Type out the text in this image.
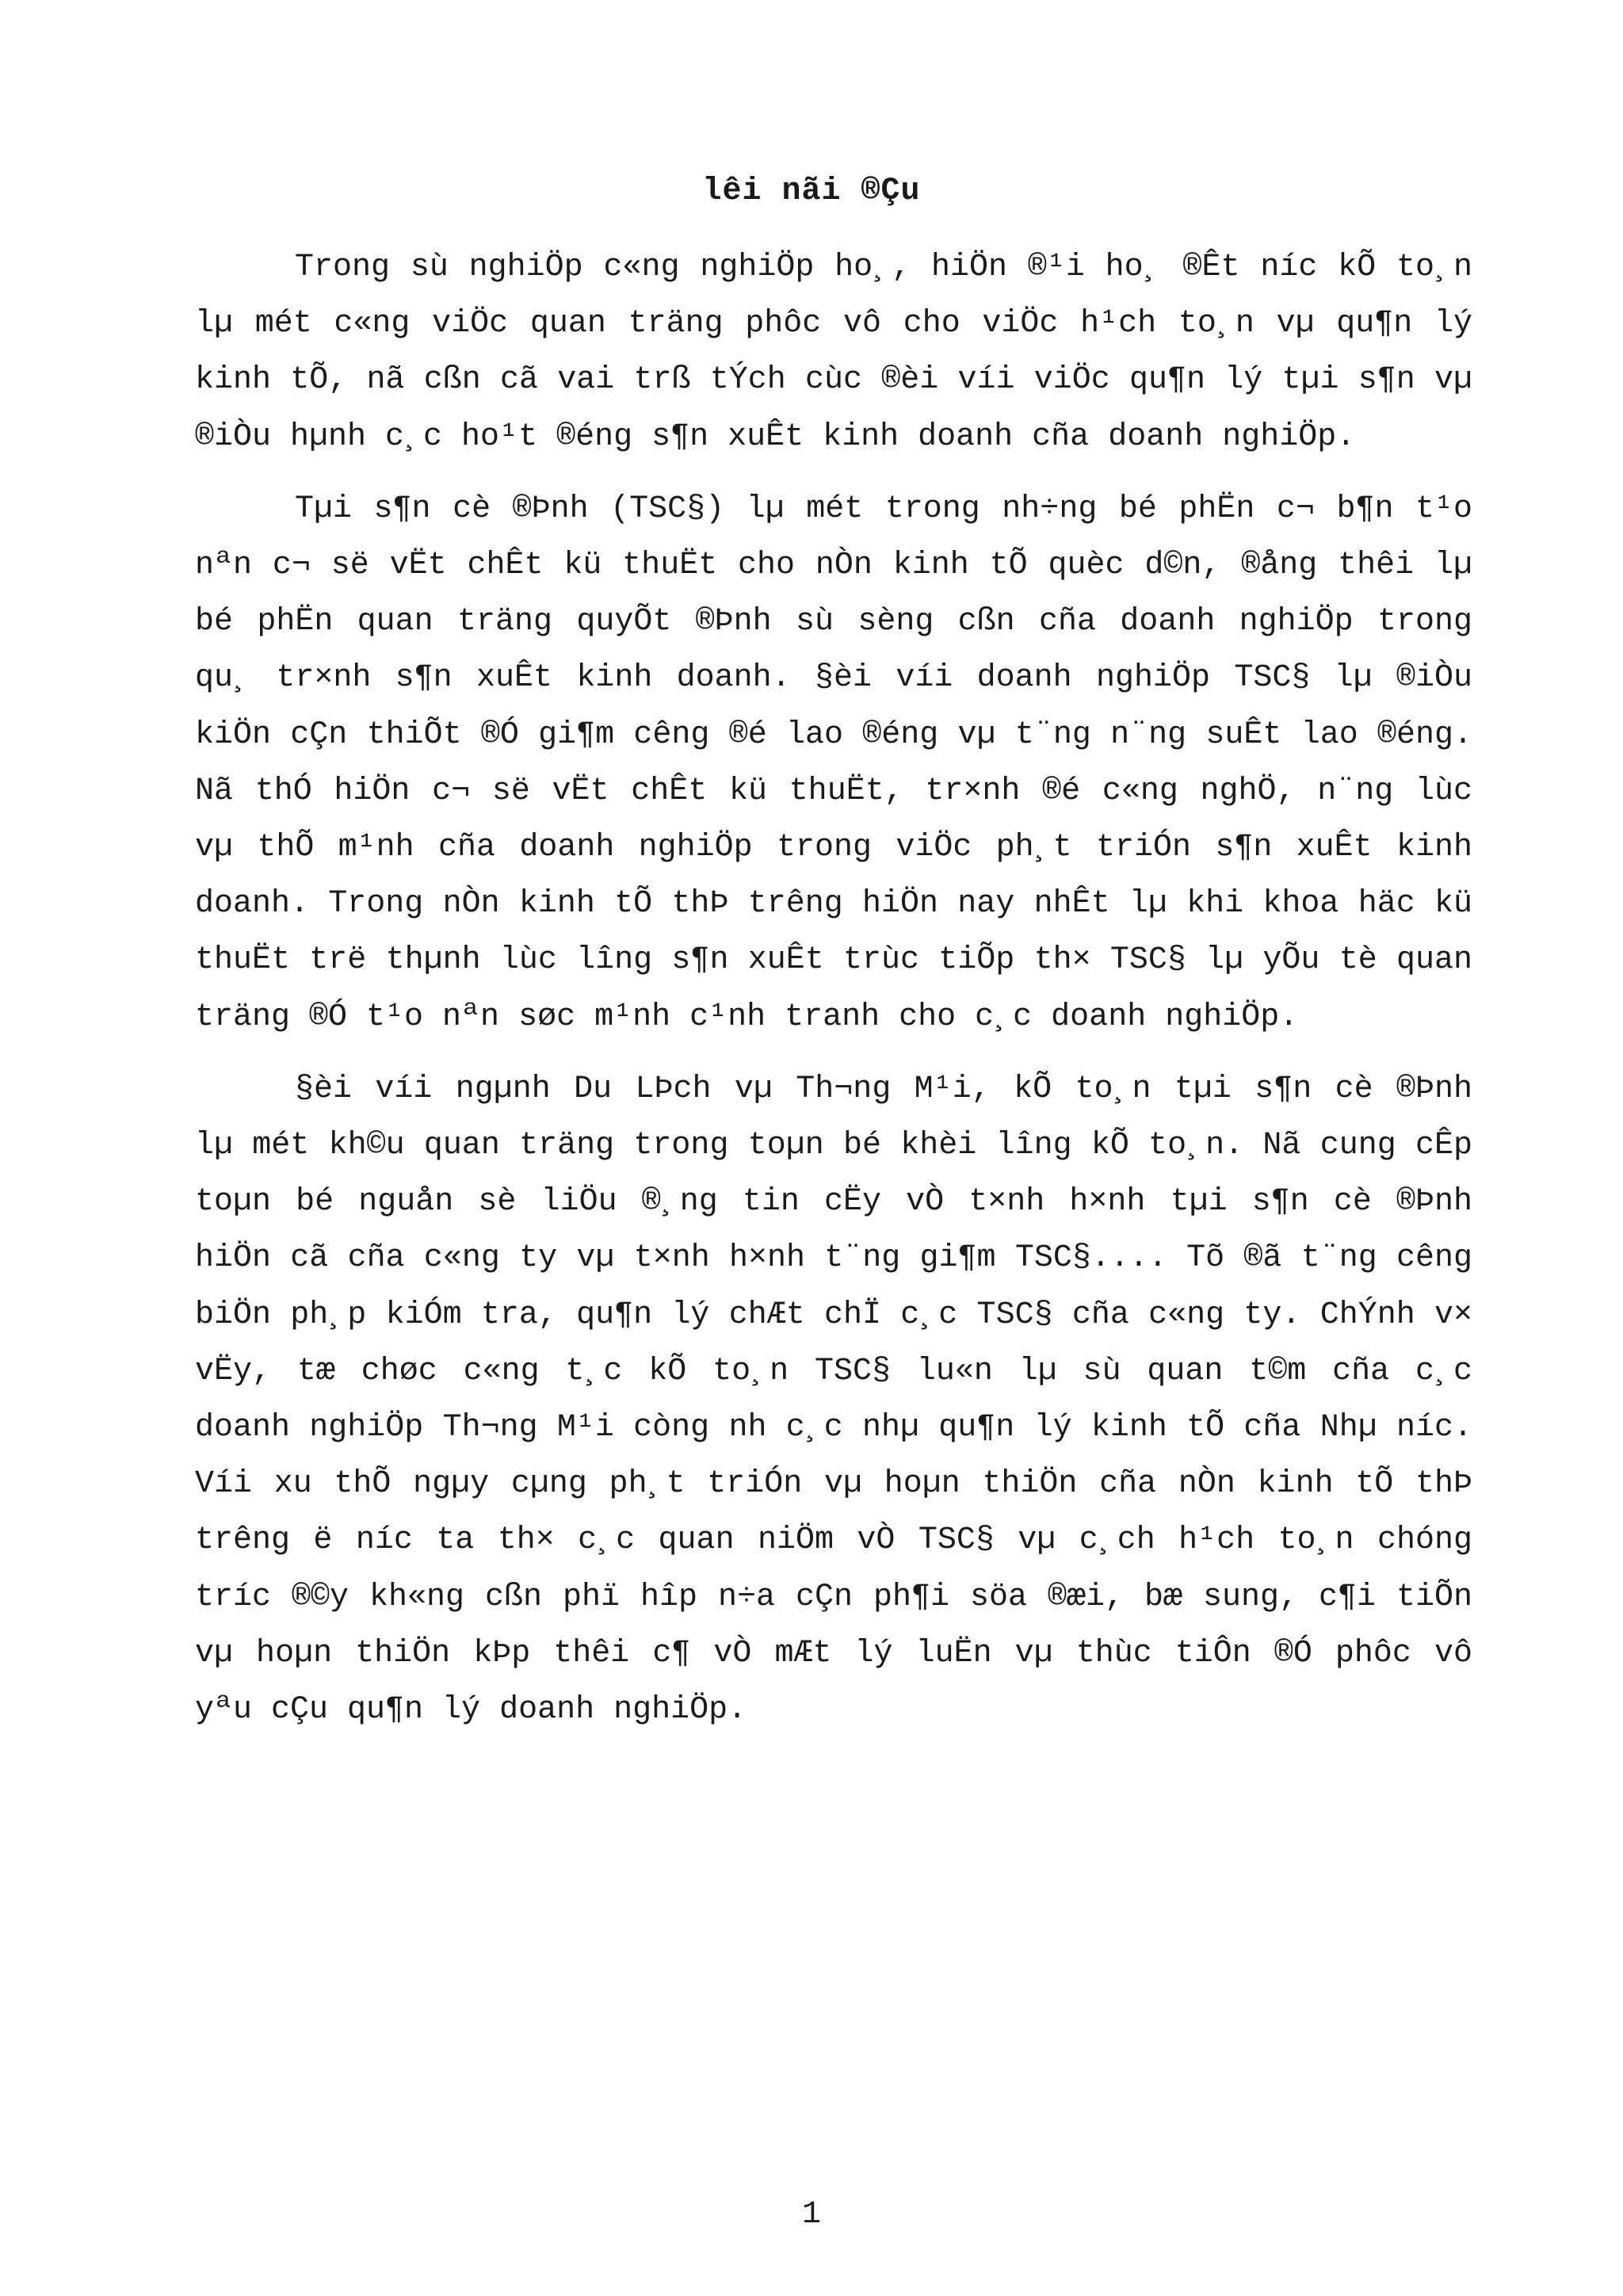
lêi nãi ®Çu

Trong sù nghiÖp c«ng nghiÖp ho¸, hiÖn ®¹i ho¸ ®Êt níc kÕ to¸n lµ mét c«ng viÖc quan träng phôc vô cho viÖc h¹ch to¸n vµ qu¶n lý kinh tÕ, nã cßn cã vai trß tÝch cùc ®èi víi viÖc qu¶n lý tµi s¶n vµ ®iÒu hµnh c¸c ho¹t ®éng s¶n xuÊt kinh doanh cña doanh nghiÖp.

Tµi s¶n cè ®Þnh (TSC§) lµ mét trong nh÷ng bé phËn c¬ b¶n t¹o nªn c¬ së vËt chÊt kü thuËt cho nÒn kinh tÕ quèc d©n, ®ång thêi lµ bé phËn quan träng quyÕt ®Þnh sù sèng cßn cña doanh nghiÖp trong qu¸ tr×nh s¶n xuÊt kinh doanh. §èi víi doanh nghiÖp TSC§ lµ ®iÒu kiÖn cÇn thiÕt ®Ó gi¶m cêng ®é lao ®éng vµ t¨ng n¨ng suÊt lao ®éng. Nã thÓ hiÖn c¬ së vËt chÊt kü thuËt, tr×nh ®é c«ng nghÖ, n¨ng lùc vµ thÕ m¹nh cña doanh nghiÖp trong viÖc ph¸t triÓn s¶n xuÊt kinh doanh. Trong nÒn kinh tÕ thÞ trêng hiÖn nay nhÊt lµ khi khoa häc kü thuËt trë thµnh lùc lîng s¶n xuÊt trùc tiÕp th× TSC§ lµ yÕu tè quan träng ®Ó t¹o nªn søc m¹nh c¹nh tranh cho c¸c doanh nghiÖp.

§èi víi ngµnh Du LÞch vµ Th¬ng M¹i, kÕ to¸n tµi s¶n cè ®Þnh lµ mét kh©u quan träng trong toµn bé khèi lîng kÕ to¸n. Nã cung cÊp toµn bé nguån sè liÖu ®¸ng tin cËy vÒ t×nh h×nh tµi s¶n cè ®Þnh hiÖn cã cña c«ng ty vµ t×nh h×nh t¨ng gi¶m TSC§.... Tõ ®ã t¨ng cêng biÖn ph¸p kiÓm tra, qu¶n lý chÆt chÏ c¸c TSC§ cña c«ng ty. ChÝnh v× vËy, tæ chøc c«ng t¸c kÕ to¸n TSC§ lu«n lµ sù quan t©m cña c¸c doanh nghiÖp Th¬ng M¹i còng nh c¸c nhµ qu¶n lý kinh tÕ cña Nhµ níc. Víi xu thÕ ngµy cµng ph¸t triÓn vµ hoµn thiÖn cña nÒn kinh tÕ thÞ trêng ë níc ta th× c¸c quan niÖm vÒ TSC§ vµ c¸ch h¹ch to¸n chóng tríc ®©y kh«ng cßn phï hîp n÷a cÇn ph¶i söa ®æi, bæ sung, c¶i tiÕn vµ hoµn thiÖn kÞp thêi c¶ vÒ mÆt lý luËn vµ thùc tiÔn ®Ó phôc vô yªu cÇu qu¶n lý doanh nghiÖp.

1
